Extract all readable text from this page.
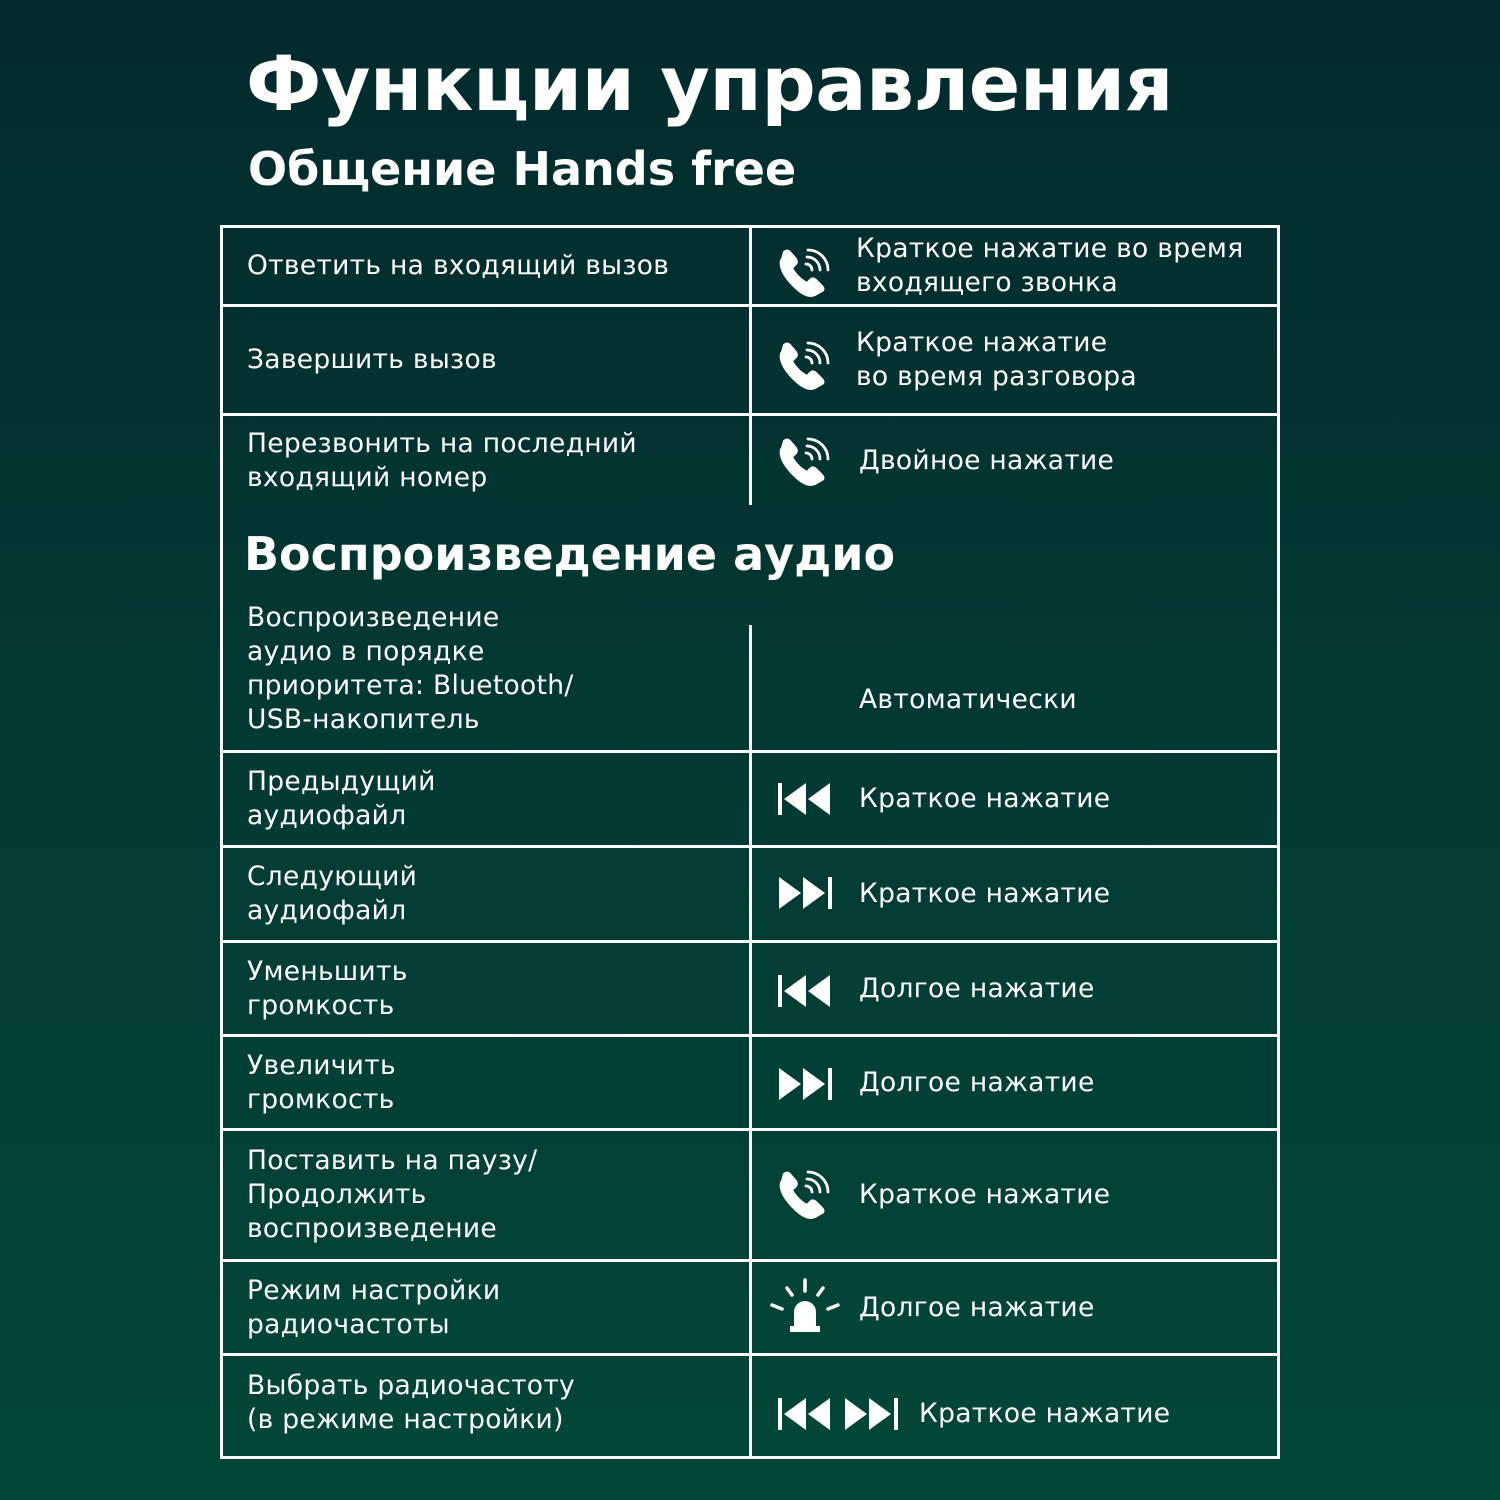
Функции управления
Общение Hands free
Воспроизведение аудио
Ответить на входящий вызов
Краткое нажатие во время
входящего звонка
Завершить вызов
Краткое нажатие
во время разговора
Перезвонить на последний
входящий номер
Двойное нажатие
Воспроизведение
аудио в порядке
приоритета: Bluetooth/
USB-накопитель
Автоматически
Предыдущий
аудиофайл
Краткое нажатие
Следующий
аудиофайл
Краткое нажатие
Уменьшить
громкость
Долгое нажатие
Увеличить
громкость
Долгое нажатие
Поставить на паузу/
Продолжить
воспроизведение
Краткое нажатие
Режим настройки
радиочастоты
Долгое нажатие
Выбрать радиочастоту
(в режиме настройки)	Краткое нажатие
